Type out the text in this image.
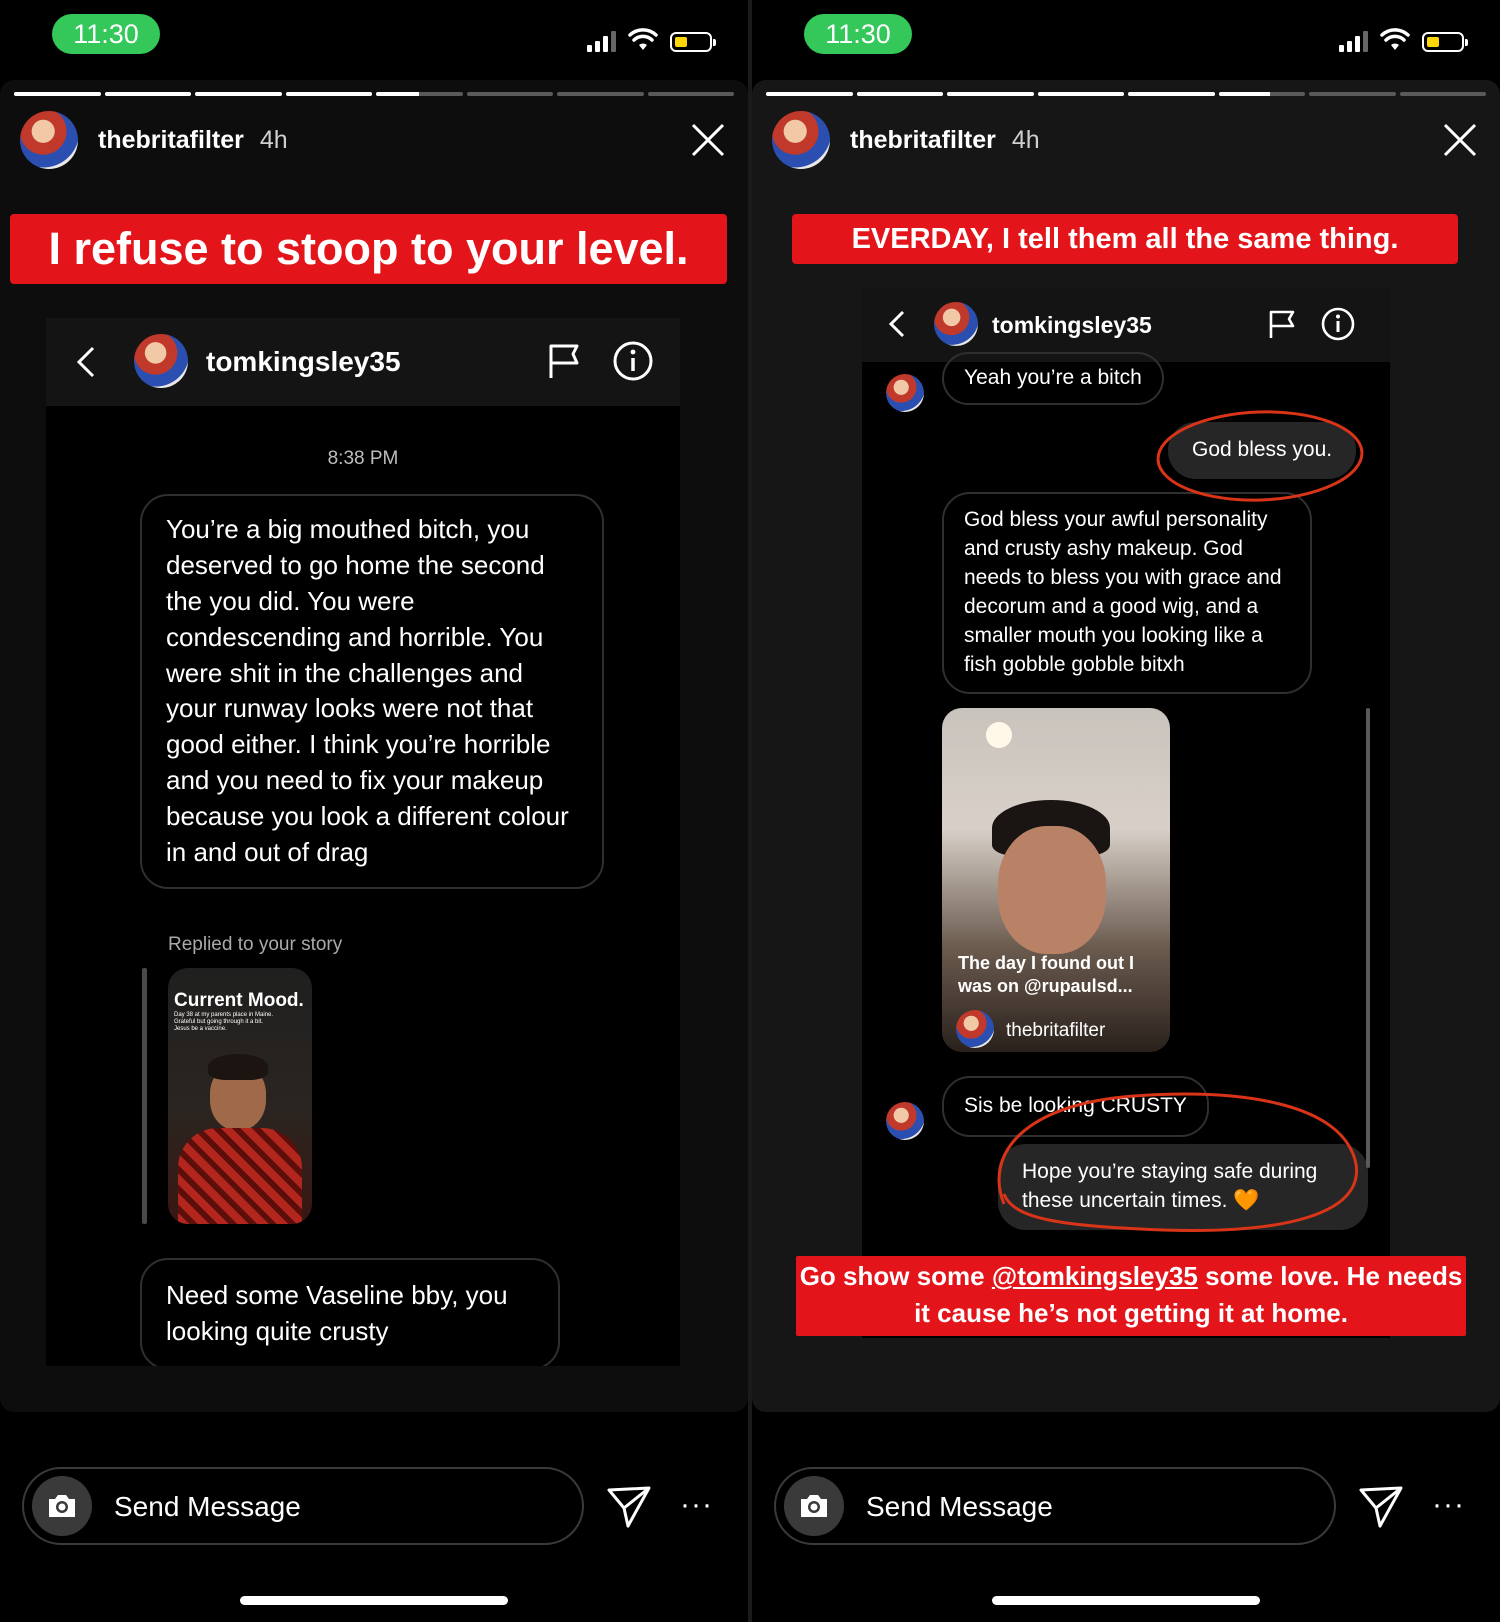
11:30
thebritafilter 4h
I refuse to stoop to your level.
tomkingsley35
8:38 PM
You’re a big mouthed bitch, you deserved to go home the second the you did. You were condescending and horrible. You were shit in the challenges and your runway looks were not that good either. I think you’re horrible and you need to fix your makeup because you look a different colour in and out of drag
Replied to your story
Current Mood.
Day 38 at my parents place in Maine.
Grateful but going through it a bit.
Jesus be a vaccine.
Need some Vaseline bby, you looking quite crusty
Send Message	···
11:30
thebritafilter 4h
EVERDAY, I tell them all the same thing.
tomkingsley35
Yeah you’re a bitch
God bless you.
God bless your awful personality and crusty ashy makeup. God needs to bless you with grace and decorum and a good wig, and a smaller mouth you looking like a fish gobble gobble bitxh
The day I found out I was on @rupaulsd...
thebritafilter
Sis be looking CRUSTY
Hope you’re staying safe during these uncertain times. 🧡
Go show some @tomkingsley35 some love. He needs it cause he’s not getting it at home.
Send Message	···
